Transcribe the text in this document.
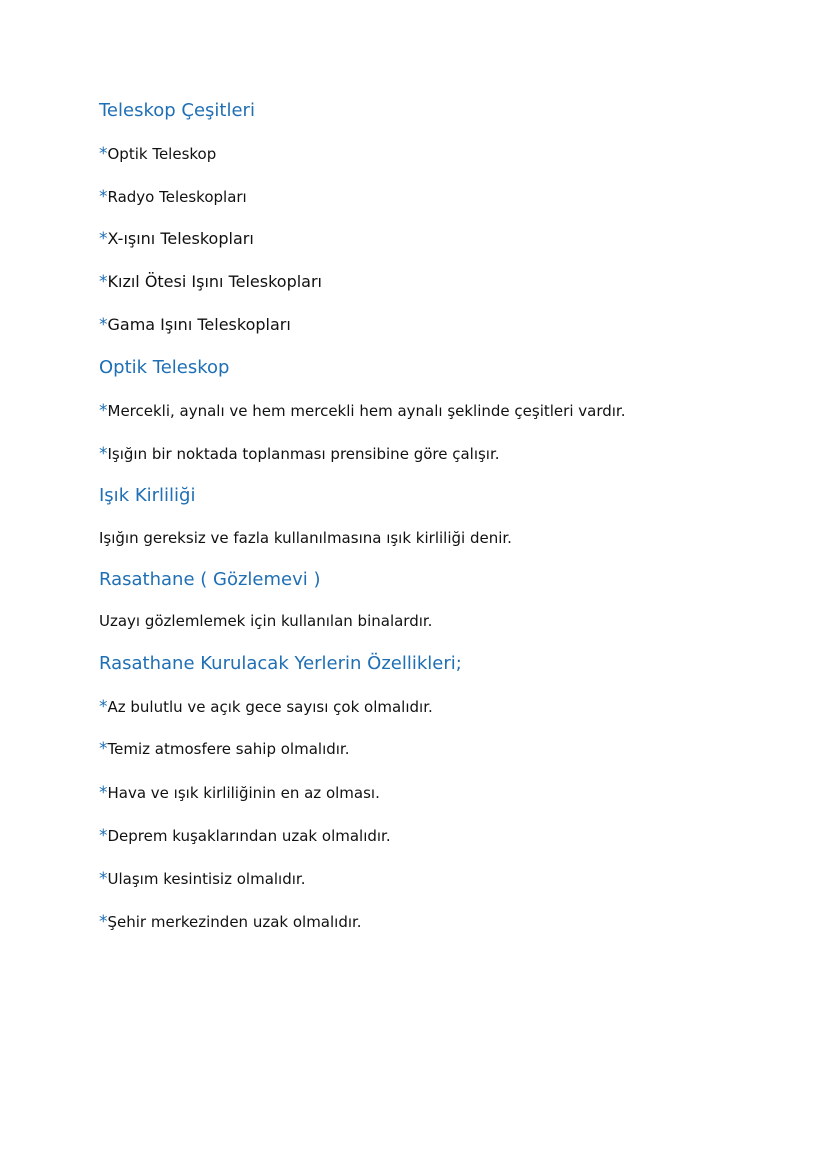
Teleskop Çeşitleri
*Optik Teleskop
*Radyo Teleskopları
*X-ışını Teleskopları
*Kızıl Ötesi Işını Teleskopları
*Gama Işını Teleskopları
Optik Teleskop
*Mercekli, aynalı ve hem mercekli hem aynalı şeklinde çeşitleri vardır.
*Işığın bir noktada toplanması prensibine göre çalışır.
Işık Kirliliği
Işığın gereksiz ve fazla kullanılmasına ışık kirliliği denir.
Rasathane ( Gözlemevi )
Uzayı gözlemlemek için kullanılan binalardır.
Rasathane Kurulacak Yerlerin Özellikleri;
*Az bulutlu ve açık gece sayısı çok olmalıdır.
*Temiz atmosfere sahip olmalıdır.
*Hava ve ışık kirliliğinin en az olması.
*Deprem kuşaklarından uzak olmalıdır.
*Ulaşım kesintisiz olmalıdır.
*Şehir merkezinden uzak olmalıdır.
